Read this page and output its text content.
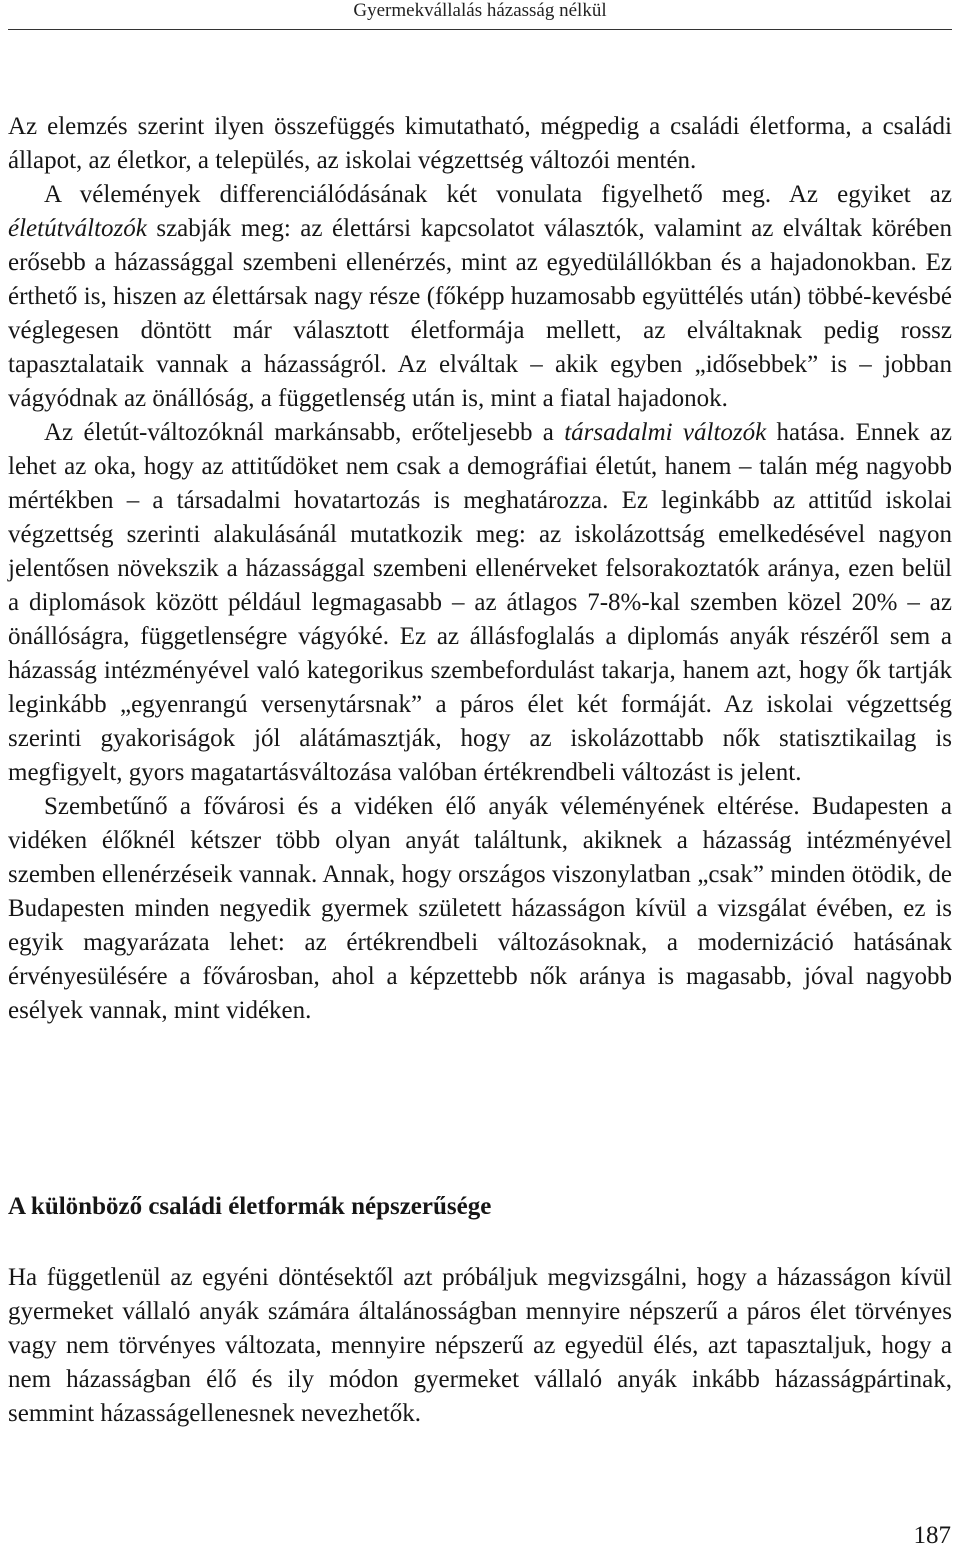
Gyermekvállalás házasság nélkül

Az elemzés szerint ilyen összefüggés kimutatható, mégpedig a családi életforma, a családi állapot, az életkor, a település, az iskolai végzettség változói mentén.

A vélemények differenciálódásának két vonulata figyelhető meg. Az egyiket az életútváltozók szabják meg: az élettársi kapcsolatot választók, valamint az elváltak körében erősebb a házassággal szembeni ellenérzés, mint az egyedülállókban és a hajadonokban. Ez érthető is, hiszen az élettársak nagy része (főképp huzamosabb együttélés után) többé-kevésbé véglegesen döntött már választott életformája mellett, az elváltaknak pedig rossz tapasztalataik vannak a házasságról. Az elváltak – akik egyben „idősebbek” is – jobban vágyódnak az önállóság, a függetlenség után is, mint a fiatal hajadonok.

Az életút-változóknál markánsabb, erőteljesebb a társadalmi változók hatása. Ennek az lehet az oka, hogy az attitűdöket nem csak a demográfiai életút, hanem – talán még nagyobb mértékben – a társadalmi hovatartozás is meghatározza. Ez leginkább az attitűd iskolai végzettség szerinti alakulásánál mutatkozik meg: az iskolázottság emelkedésével nagyon jelentősen növekszik a házassággal szembeni ellenérveket felsorakoztatók aránya, ezen belül a diplomások között például legmagasabb – az átlagos 7-8%-kal szemben közel 20% – az önállóságra, függetlenségre vágyóké. Ez az állásfoglalás a diplomás anyák részéről sem a házasság intézményével való kategorikus szembefordulást takarja, hanem azt, hogy ők tartják leginkább „egyenrangú versenytársnak” a páros élet két formáját. Az iskolai végzettség szerinti gyakoriságok jól alátámasztják, hogy az iskolázottabb nők statisztikailag is megfigyelt, gyors magatartásváltozása valóban értékrendbeli változást is jelent.

Szembetűnő a fővárosi és a vidéken élő anyák véleményének eltérése. Budapesten a vidéken élőknél kétszer több olyan anyát találtunk, akiknek a házasság intézményével szemben ellenérzéseik vannak. Annak, hogy országos viszonylatban „csak” minden ötödik, de Budapesten minden negyedik gyermek született házasságon kívül a vizsgálat évében, ez is egyik magyarázata lehet: az értékrendbeli változásoknak, a modernizáció hatásának érvényesülésére a fővárosban, ahol a képzettebb nők aránya is magasabb, jóval nagyobb esélyek vannak, mint vidéken.

A különböző családi életformák népszerűsége

Ha függetlenül az egyéni döntésektől azt próbáljuk megvizsgálni, hogy a házasságon kívül gyermeket vállaló anyák számára általánosságban mennyire népszerű a páros élet törvényes vagy nem törvényes változata, mennyire népszerű az egyedül élés, azt tapasztaljuk, hogy a nem házasságban élő és ily módon gyermeket vállaló anyák inkább házasságpártinak, semmint házasságellenesnek nevezhetők.

187
